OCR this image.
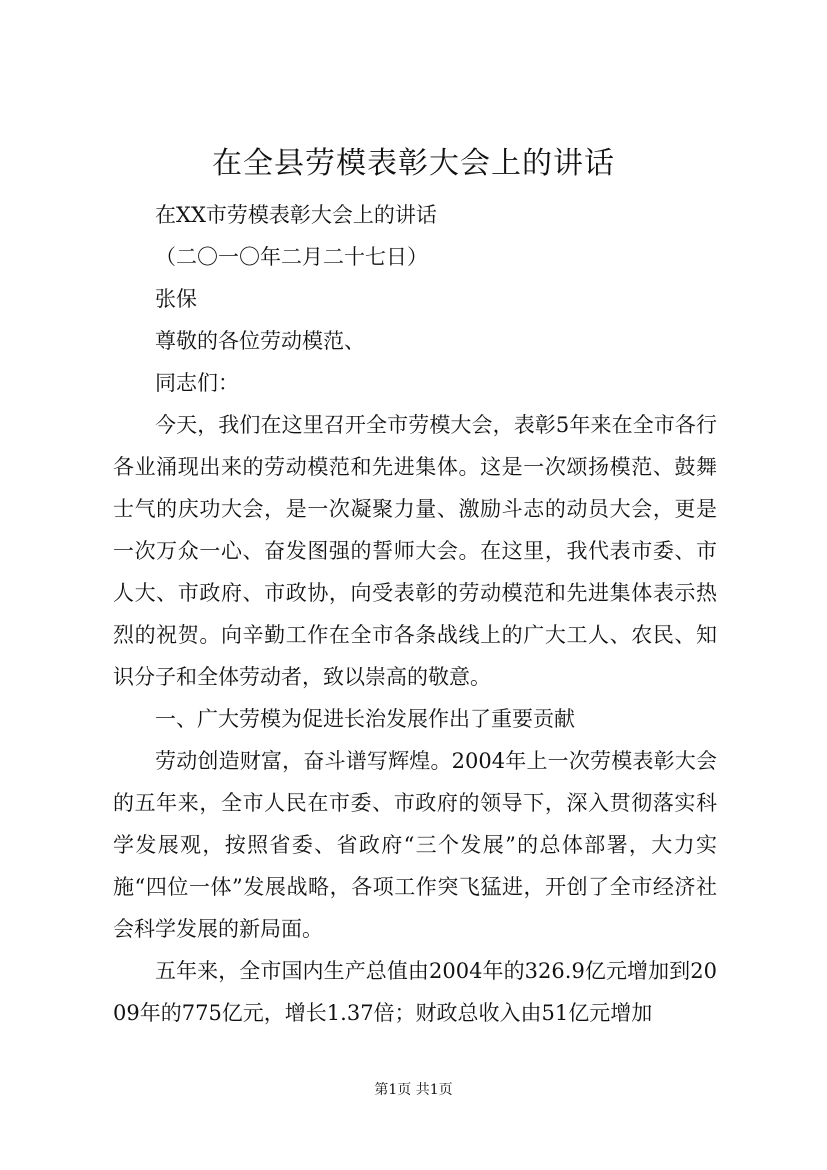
在全县劳模表彰大会上的讲话

在XX市劳模表彰大会上的讲话

（二〇一〇年二月二十七日）

张保

尊敬的各位劳动模范、

同志们：

今天，我们在这里召开全市劳模大会，表彰5年来在全市各行各业涌现出来的劳动模范和先进集体。这是一次颂扬模范、鼓舞士气的庆功大会，是一次凝聚力量、激励斗志的动员大会，更是一次万众一心、奋发图强的誓师大会。在这里，我代表市委、市人大、市政府、市政协，向受表彰的劳动模范和先进集体表示热烈的祝贺。向辛勤工作在全市各条战线上的广大工人、农民、知识分子和全体劳动者，致以崇高的敬意。

一、广大劳模为促进长治发展作出了重要贡献

劳动创造财富，奋斗谱写辉煌。2004年上一次劳模表彰大会的五年来，全市人民在市委、市政府的领导下，深入贯彻落实科学发展观，按照省委、省政府“三个发展”的总体部署，大力实施“四位一体”发展战略，各项工作突飞猛进，开创了全市经济社会科学发展的新局面。

五年来，全市国内生产总值由2004年的326.9亿元增加到2009年的775亿元，增长1.37倍；财政总收入由51亿元增加

第1页 共1页
